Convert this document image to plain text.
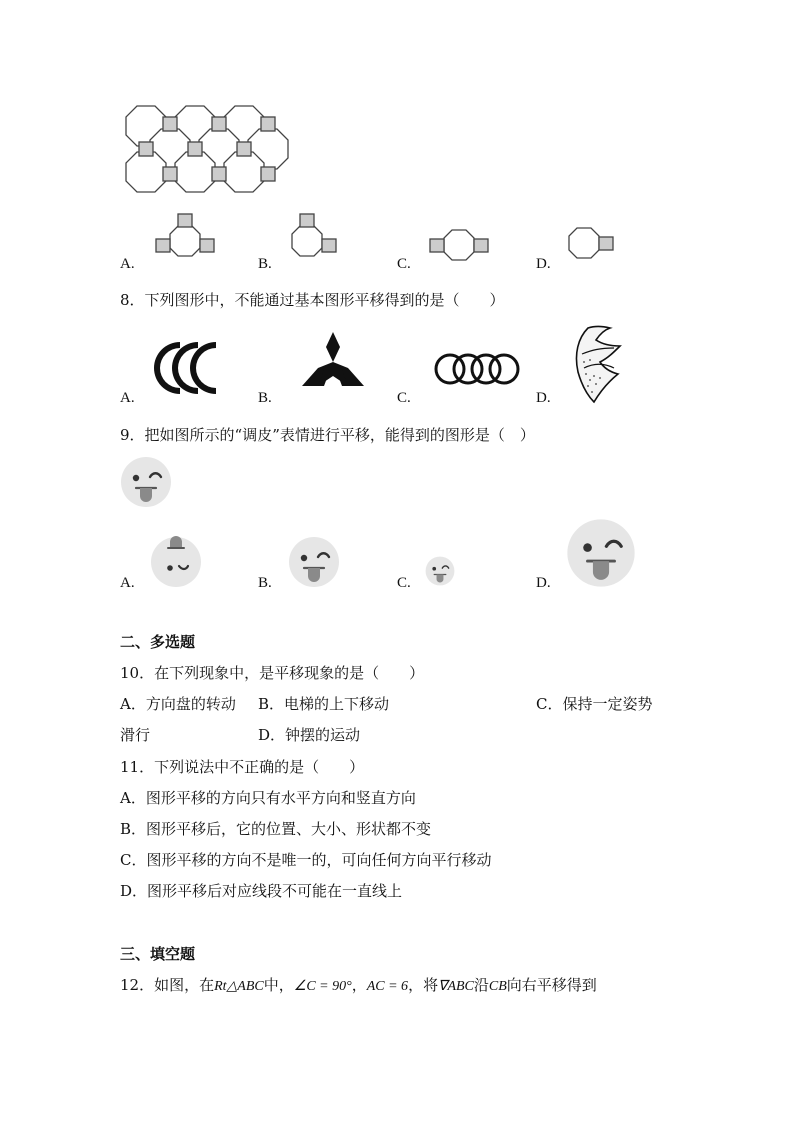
A.	B.	C.	D.
8．下列图形中，不能通过基本图形平移得到的是（　　）
A.	B.	C.	D.
9．把如图所示的“调皮”表情进行平移，能得到的图形是（　）
A.	B.	C.	D.
二、多选题
10．在下列现象中，是平移现象的是（　　）
A．方向盘的转动 B．电梯的上下移动	C．保持一定姿势
滑行	D．钟摆的运动
11．下列说法中不正确的是（　　）
A．图形平移的方向只有水平方向和竖直方向
B．图形平移后，它的位置、大小、形状都不变
C．图形平移的方向不是唯一的，可向任何方向平行移动
D．图形平移后对应线段不可能在一直线上
三、填空题
12．如图，在Rt△ABC中，∠C = 90°，AC = 6，将∇ABC沿CB向右平移得到
